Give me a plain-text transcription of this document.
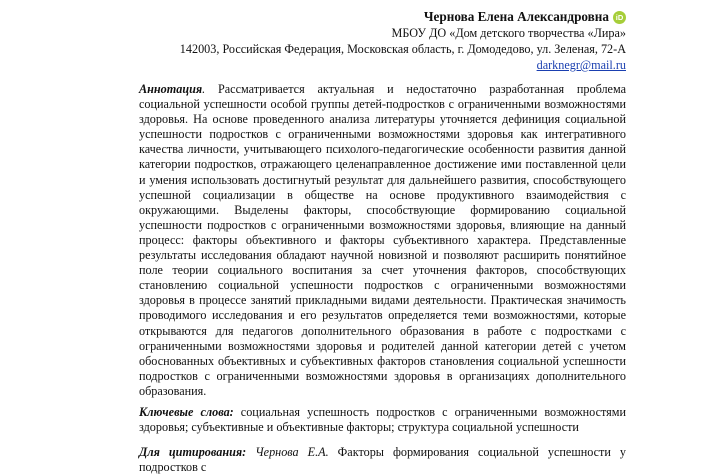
Чернова Елена Александровна iD
МБОУ ДО «Дом детского творчества «Лира»
142003, Российская Федерация, Московская область, г. Домодедово, ул. Зеленая, 72-А
darknegr@mail.ru

Аннотация. Рассматривается актуальная и недостаточно разработанная проблема социальной успешности особой группы детей-подростков с ограниченными возможностями здоровья. На основе проведенного анализа литературы уточняется дефиниция социальной успешности подростков с ограниченными возможностями здоровья как интегративного качества личности, учитывающего психолого-педагогические особенности развития данной категории подростков, отражающего целенаправленное достижение ими поставленной цели и умения использовать достигнутый результат для дальнейшего развития, способствующего успешной социализации в обществе на основе продуктивного взаимодействия с окружающими. Выделены факторы, способствующие формированию социальной успешности подростков с ограниченными возможностями здоровья, влияющие на данный процесс: факторы объективного и факторы субъективного характера. Представленные результаты исследования обладают научной новизной и позволяют расширить понятийное поле теории социального воспитания за счет уточнения факторов, способствующих становлению социальной успешности подростков с ограниченными возможностями здоровья в процессе занятий прикладными видами деятельности. Практическая значимость проводимого исследования и его результатов определяется теми возможностями, которые открываются для педагогов дополнительного образования в работе с подростками с ограниченными возможностями здоровья и родителей данной категории детей с учетом обоснованных объективных и субъективных факторов становления социальной успешности подростков с ограниченными возможностями здоровья в организациях дополнительного образования.

Ключевые слова: социальная успешность подростков с ограниченными возможностями здоровья; субъективные и объективные факторы; структура социальной успешности

Для цитирования: Чернова Е.А. Факторы формирования социальной успешности у подростков с
